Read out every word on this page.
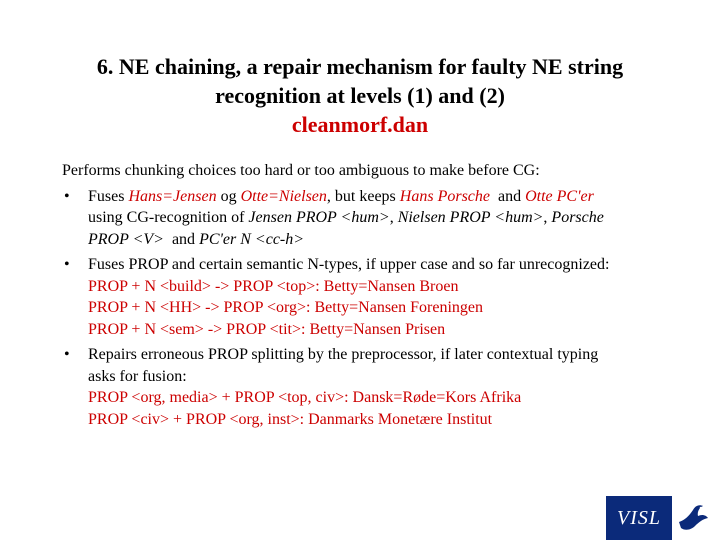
6. NE chaining, a repair mechanism for faulty NE string
recognition at levels (1) and (2)
cleanmorf.dan

Performs chunking choices too hard or too ambiguous to make before CG:

• Fuses Hans=Jensen og Otte=Nielsen, but keeps Hans Porsche  and Otte PC'er
using CG-recognition of Jensen PROP <hum>, Nielsen PROP <hum>, Porsche
PROP <V>  and PC'er N <cc-h>
• Fuses PROP and certain semantic N-types, if upper case and so far unrecognized:
PROP + N <build> -> PROP <top>: Betty=Nansen Broen
PROP + N <HH> -> PROP <org>: Betty=Nansen Foreningen
PROP + N <sem> -> PROP <tit>: Betty=Nansen Prisen
• Repairs erroneous PROP splitting by the preprocessor, if later contextual typing
asks for fusion:
PROP <org, media> + PROP <top, civ>: Dansk=Røde=Kors Afrika
PROP <civ> + PROP <org, inst>: Danmarks Monetære Institut
VISL
